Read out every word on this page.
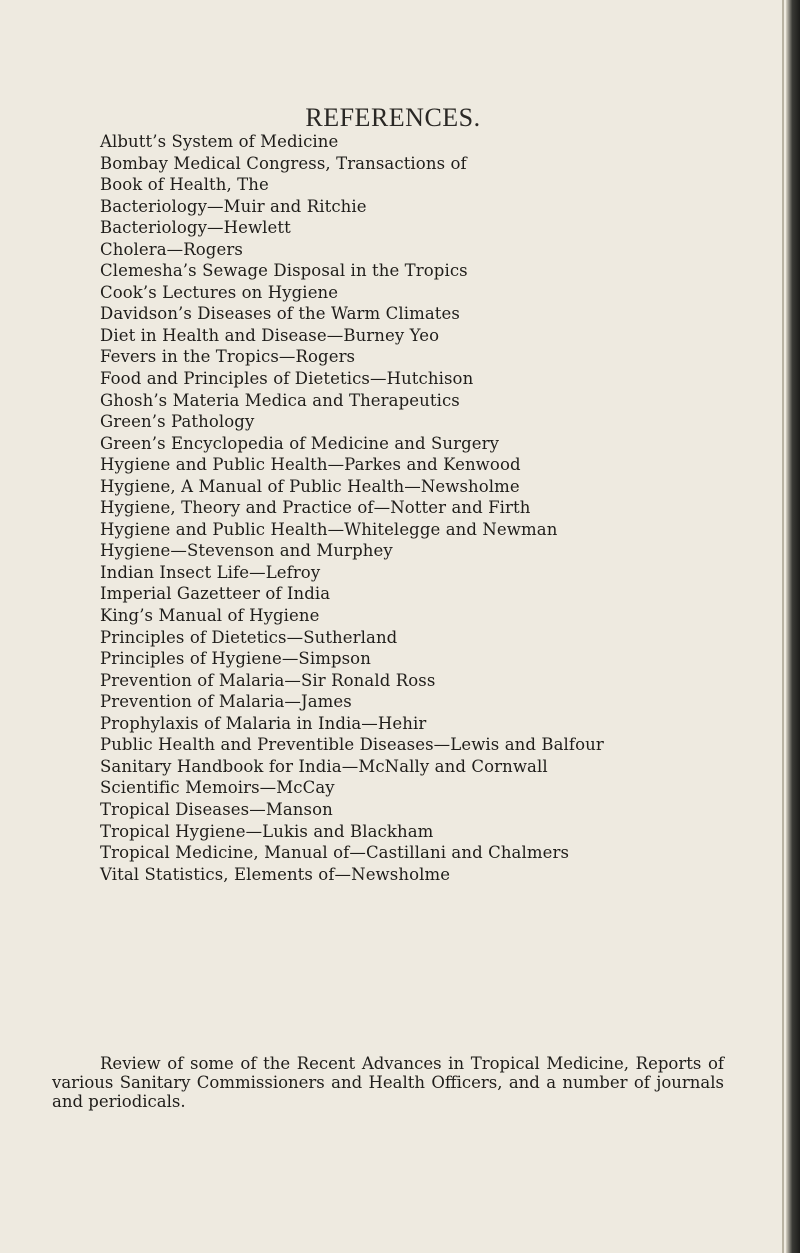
REFERENCES.
Albutt’s System of Medicine
Bombay Medical Congress, Transactions of
Book of Health, The
Bacteriology—Muir and Ritchie
Bacteriology—Hewlett
Cholera—Rogers
Clemesha’s Sewage Disposal in the Tropics
Cook’s Lectures on Hygiene
Davidson’s Diseases of the Warm Climates
Diet in Health and Disease—Burney Yeo
Fevers in the Tropics—Rogers
Food and Principles of Dietetics—Hutchison
Ghosh’s Materia Medica and Therapeutics
Green’s Pathology
Green’s Encyclopedia of Medicine and Surgery
Hygiene and Public Health—Parkes and Kenwood
Hygiene, A Manual of Public Health—Newsholme
Hygiene, Theory and Practice of—Notter and Firth
Hygiene and Public Health—Whitelegge and Newman
Hygiene—Stevenson and Murphey
Indian Insect Life—Lefroy
Imperial Gazetteer of India
King’s Manual of Hygiene
Principles of Dietetics—Sutherland
Principles of Hygiene—Simpson
Prevention of Malaria—Sir Ronald Ross
Prevention of Malaria—James
Prophylaxis of Malaria in India—Hehir
Public Health and Preventible Diseases—Lewis and Balfour
Sanitary Handbook for India—McNally and Cornwall
Scientific Memoirs—McCay
Tropical Diseases—Manson
Tropical Hygiene—Lukis and Blackham
Tropical Medicine, Manual of—Castillani and Chalmers
Vital Statistics, Elements of—Newsholme

Review of some of the Recent Advances in Tropical Medicine, Reports of various Sanitary Commissioners and Health Officers, and a number of journals and periodicals.
